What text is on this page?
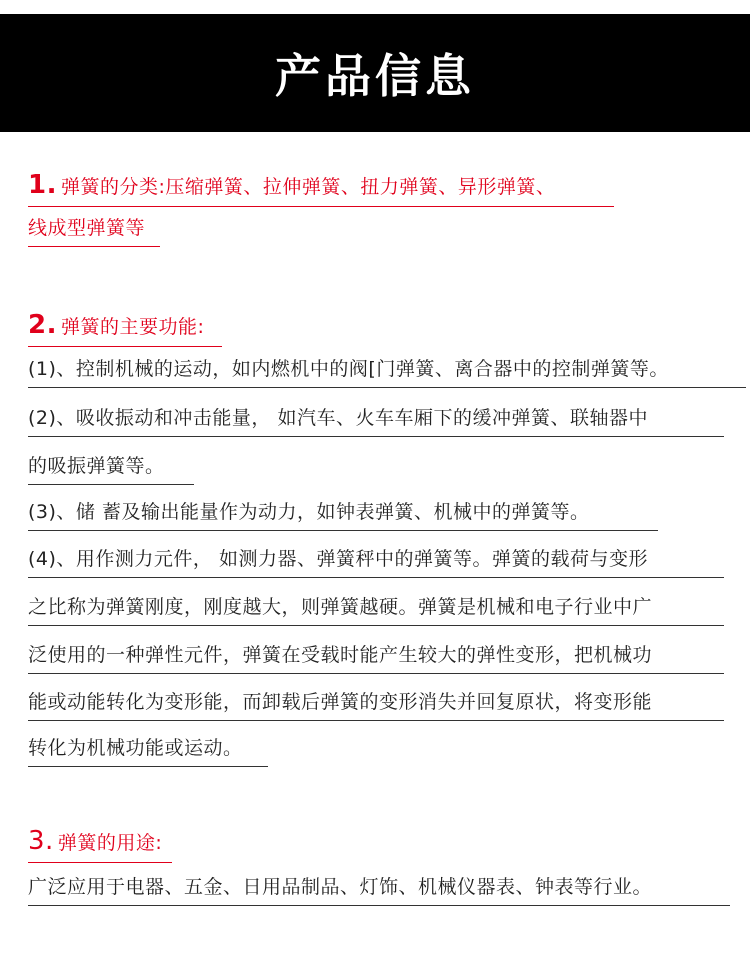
产品信息
1. 弹簧的分类:压缩弹簧、拉伸弹簧、扭力弹簧、异形弹簧、
线成型弹簧等
2. 弹簧的主要功能:
(1)、控制机械的运动，如内燃机中的阀[门弹簧、离合器中的控制弹簧等。
(2)、吸收振动和冲击能量， 如汽车、火车车厢下的缓冲弹簧、联轴器中
的吸振弹簧等。
(3)、储 蓄及输出能量作为动力，如钟表弹簧、机械中的弹簧等。
(4)、用作测力元件， 如测力器、弹簧秤中的弹簧等。弹簧的载荷与变形
之比称为弹簧刚度，刚度越大，则弹簧越硬。弹簧是机械和电子行业中广
泛使用的一种弹性元件，弹簧在受载时能产生较大的弹性变形，把机械功
能或动能转化为变形能，而卸载后弹簧的变形消失并回复原状，将变形能
转化为机械功能或运动。
3. 弹簧的用途:
广泛应用于电器、五金、日用品制品、灯饰、机械仪器表、钟表等行业。
